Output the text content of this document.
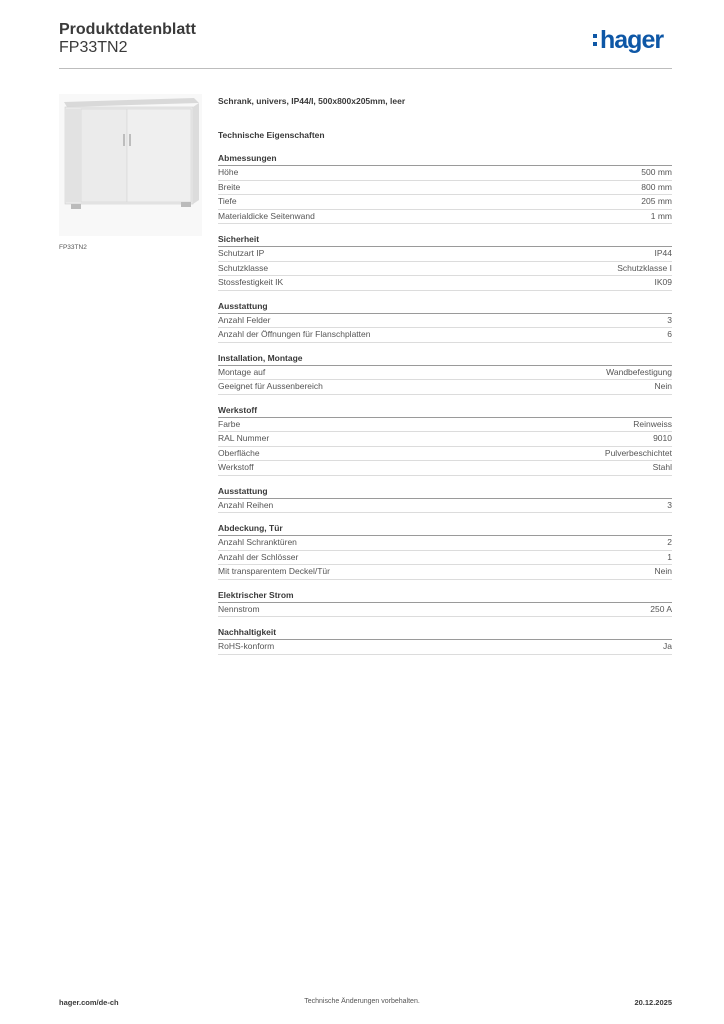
Produktdatenblatt
FP33TN2	hager
FP33TN2
Schrank, univers, IP44/I, 500x800x205mm, leer
Technische Eigenschaften
Abmessungen
Höhe	500 mm
Breite	800 mm
Tiefe	205 mm
Materialdicke Seitenwand	1 mm
Sicherheit
Schutzart IP	IP44
Schutzklasse	Schutzklasse I
Stossfestigkeit IK	IK09
Ausstattung
Anzahl Felder	3
Anzahl der Öffnungen für Flanschplatten	6
Installation, Montage
Montage auf	Wandbefestigung
Geeignet für Aussenbereich	Nein
Werkstoff
Farbe	Reinweiss
RAL Nummer	9010
Oberfläche	Pulverbeschichtet
Werkstoff	Stahl
Ausstattung
Anzahl Reihen	3
Abdeckung, Tür
Anzahl Schranktüren	2
Anzahl der Schlösser	1
Mit transparentem Deckel/Tür	Nein
Elektrischer Strom
Nennstrom	250 A
Nachhaltigkeit
RoHS-konform	Ja
hager.com/de-ch	Technische Änderungen vorbehalten.	20.12.2025
